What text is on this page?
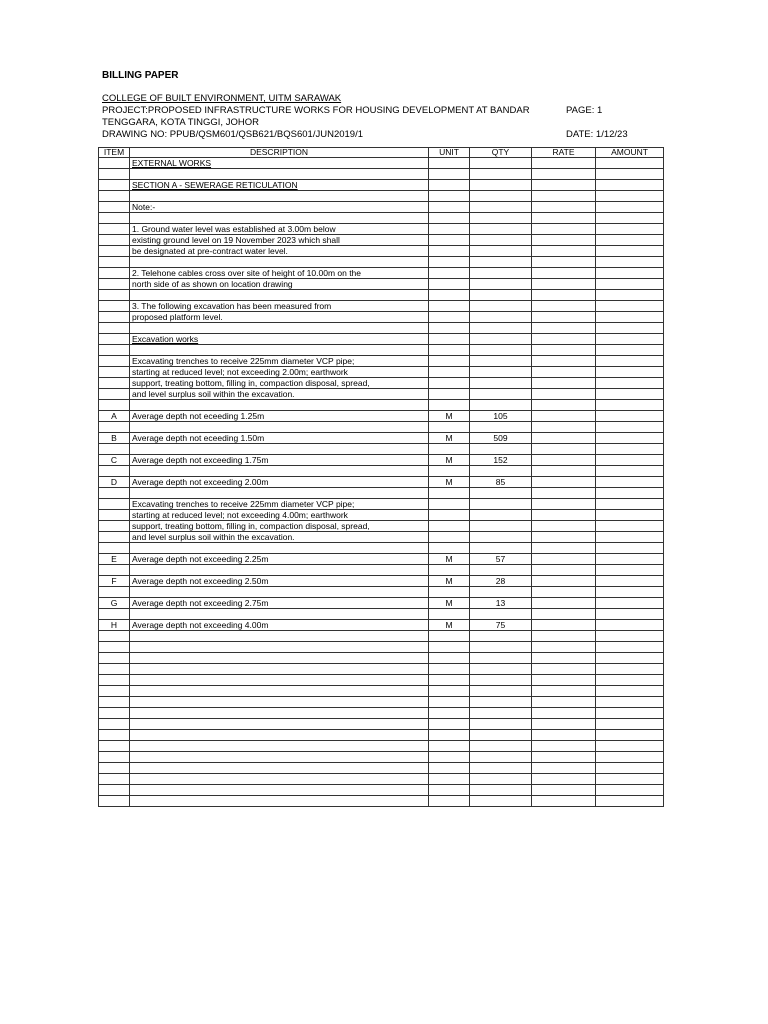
BILLING PAPER
COLLEGE OF BUILT ENVIRONMENT, UITM SARAWAK
PROJECT:PROPOSED INFRASTRUCTURE WORKS FOR HOUSING DEVELOPMENT AT BANDAR
TENGGARA, KOTA TINGGI, JOHOR
DRAWING NO: PPUB/QSM601/QSB621/BQS601/JUN2019/1
PAGE: 1
DATE: 1/12/23
ITEM	DESCRIPTION	UNIT	QTY	RATE	AMOUNT
	EXTERNAL WORKS				

	SECTION A - SEWERAGE RETICULATION				

	Note:-				

	1. Ground water level was established at 3.00m below				
	existing ground level on 19 November 2023 which shall				
	be designated at pre-contract water level.				

	2. Telehone cables cross over site of height of 10.00m on the				
	north side of as shown on location drawing				

	3. The following excavation has been measured from				
	proposed platform level.				

	Excavation works				

	Excavating trenches to receive 225mm diameter VCP pipe;				
	starting at reduced level; not exceeding 2.00m; earthwork				
	support, treating bottom, filling in, compaction disposal, spread,				
	and level surplus soil within the excavation.				

A	Average depth not eceeding 1.25m	M	105		

B	Average depth not eceeding 1.50m	M	509		

C	Average depth not exceeding 1.75m	M	152		

D	Average depth not exceeding 2.00m	M	85		

	Excavating trenches to receive 225mm diameter VCP pipe;				
	starting at reduced level; not exceeding 4.00m; earthwork				
	support, treating bottom, filling in, compaction disposal, spread,				
	and level surplus soil within the excavation.				

E	Average depth not exceeding 2.25m	M	57		

F	Average depth not exceeding 2.50m	M	28		

G	Average depth not exceeding 2.75m	M	13		

H	Average depth not exceeding 4.00m	M	75		
